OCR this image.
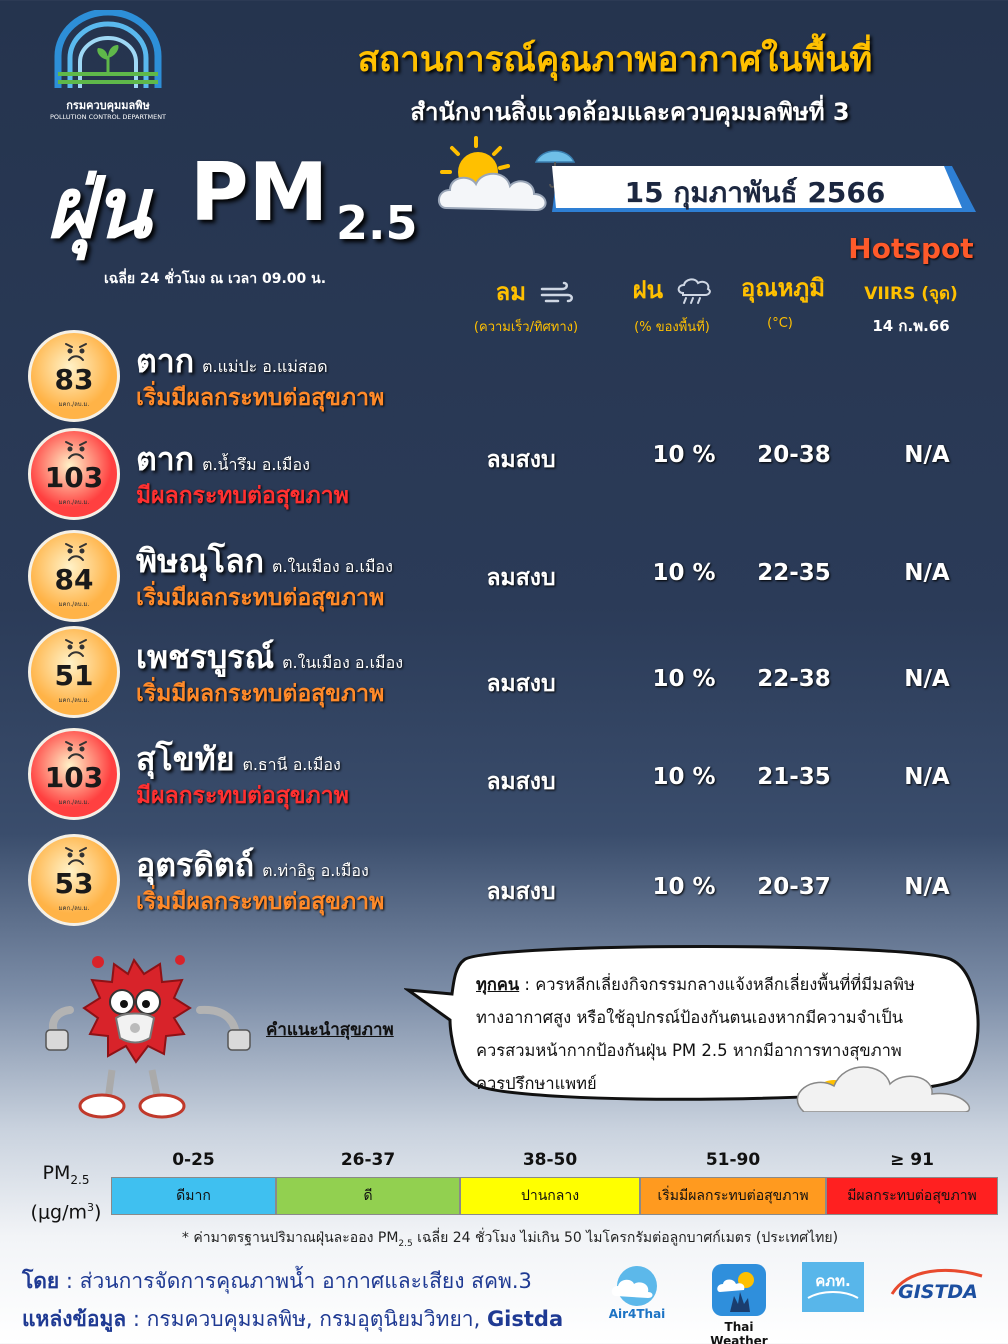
กรมควบคุมมลพิษ
POLLUTION CONTROL DEPARTMENT
สถานการณ์คุณภาพอากาศในพื้นที่
สำนักงานสิ่งแวดล้อมและควบคุมมลพิษที่ 3
ฝุ่น PM 2.5
เฉลี่ย 24 ชั่วโมง ณ เวลา 09.00 น.
15 กุมภาพันธ์ 2566
Hotspot
VIIRS (จุด)
14 ก.พ.66
ลม	ฝน	อุณหภูมิ
(ความเร็ว/ทิศทาง)	(% ของพื้นที่)	(°C)
83
มคก./ลบ.ม.
ตาก ต.แม่ปะ อ.แม่สอด
เริ่มมีผลกระทบต่อสุขภาพ
103
มคก./ลบ.ม.
ตาก ต.น้ำรึม อ.เมือง
มีผลกระทบต่อสุขภาพ
ลมสงบ	10 %	20-38	N/A
84
มคก./ลบ.ม.
พิษณุโลก ต.ในเมือง อ.เมือง
เริ่มมีผลกระทบต่อสุขภาพ
ลมสงบ	10 %	22-35	N/A
51
มคก./ลบ.ม.
เพชรบูรณ์ ต.ในเมือง อ.เมือง
เริ่มมีผลกระทบต่อสุขภาพ	ลมสงบ	10 %	22-38	N/A
103
มคก./ลบ.ม.
สุโขทัย ต.ธานี อ.เมือง
มีผลกระทบต่อสุขภาพ
ลมสงบ	10 %	21-35	N/A
53
มคก./ลบ.ม.
อุตรดิตถ์ ต.ท่าอิฐ อ.เมือง
เริ่มมีผลกระทบต่อสุขภาพ	ลมสงบ	10 %	20-37	N/A
คำแนะนำสุขภาพ
ทุกคน : ควรหลีกเลี่ยงกิจกรรมกลางแจ้งหลีกเลี่ยงพื้นที่ที่มีมลพิษ
ทางอากาศสูง หรือใช้อุปกรณ์ป้องกันตนเองหากมีความจำเป็น
ควรสวมหน้ากากป้องกันฝุ่น PM 2.5 หากมีอาการทางสุขภาพ
ควรปรึกษาแพทย์
$PM_{2.5}$
$(\mu g/m^3)$
0-25
ดีมาก
26-37
ดี
38-50
ปานกลาง
51-90
เริ่มมีผลกระทบต่อสุขภาพ
≥ 91
มีผลกระทบต่อสุขภาพ
* ค่ามาตรฐานปริมาณฝุ่นละออง $PM_{2.5}$ เฉลี่ย 24 ชั่วโมง ไม่เกิน 50 ไมโครกรัมต่อลูกบาศก์เมตร (ประเทศไทย)
โดย : ส่วนการจัดการคุณภาพน้ำ อากาศและเสียง สคพ.3
แหล่งข้อมูล : กรมควบคุมมลพิษ, กรมอุตุนิยมวิทยา, Gistda	Air4Thai
Thai Weather
คภท. GISTDA
